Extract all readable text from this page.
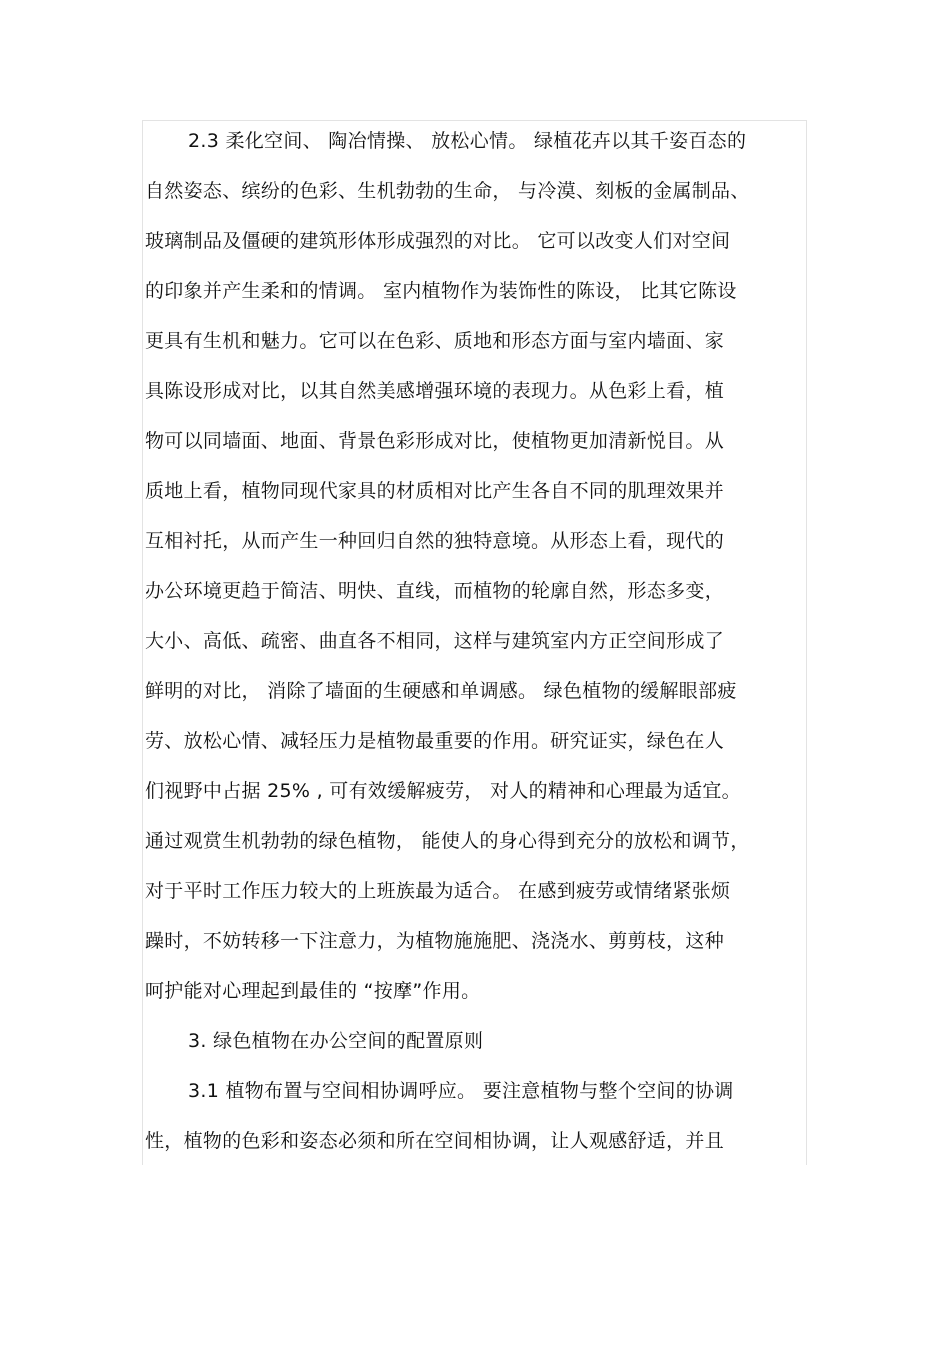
2.3 柔化空间、 陶冶情操、 放松心情。 绿植花卉以其千姿百态的
自然姿态、缤纷的色彩、生机勃勃的生命， 与冷漠、刻板的金属制品、
玻璃制品及僵硬的建筑形体形成强烈的对比。 它可以改变人们对空间
的印象并产生柔和的情调。 室内植物作为装饰性的陈设， 比其它陈设
更具有生机和魅力。它可以在色彩、质地和形态方面与室内墙面、家
具陈设形成对比，以其自然美感增强环境的表现力。从色彩上看，植
物可以同墙面、地面、背景色彩形成对比，使植物更加清新悦目。从
质地上看，植物同现代家具的材质相对比产生各自不同的肌理效果并
互相衬托，从而产生一种回归自然的独特意境。从形态上看，现代的
办公环境更趋于简洁、明快、直线，而植物的轮廓自然，形态多变，
大小、高低、疏密、曲直各不相同，这样与建筑室内方正空间形成了
鲜明的对比， 消除了墙面的生硬感和单调感。 绿色植物的缓解眼部疲
劳、放松心情、减轻压力是植物最重要的作用。研究证实，绿色在人
们视野中占据 25% , 可有效缓解疲劳， 对人的精神和心理最为适宜。
通过观赏生机勃勃的绿色植物， 能使人的身心得到充分的放松和调节，
对于平时工作压力较大的上班族最为适合。 在感到疲劳或情绪紧张烦
躁时，不妨转移一下注意力，为植物施施肥、浇浇水、剪剪枝，这种
呵护能对心理起到最佳的 “按摩”作用。
3. 绿色植物在办公空间的配置原则
3.1 植物布置与空间相协调呼应。 要注意植物与整个空间的协调
性，植物的色彩和姿态必须和所在空间相协调，让人观感舒适，并且
